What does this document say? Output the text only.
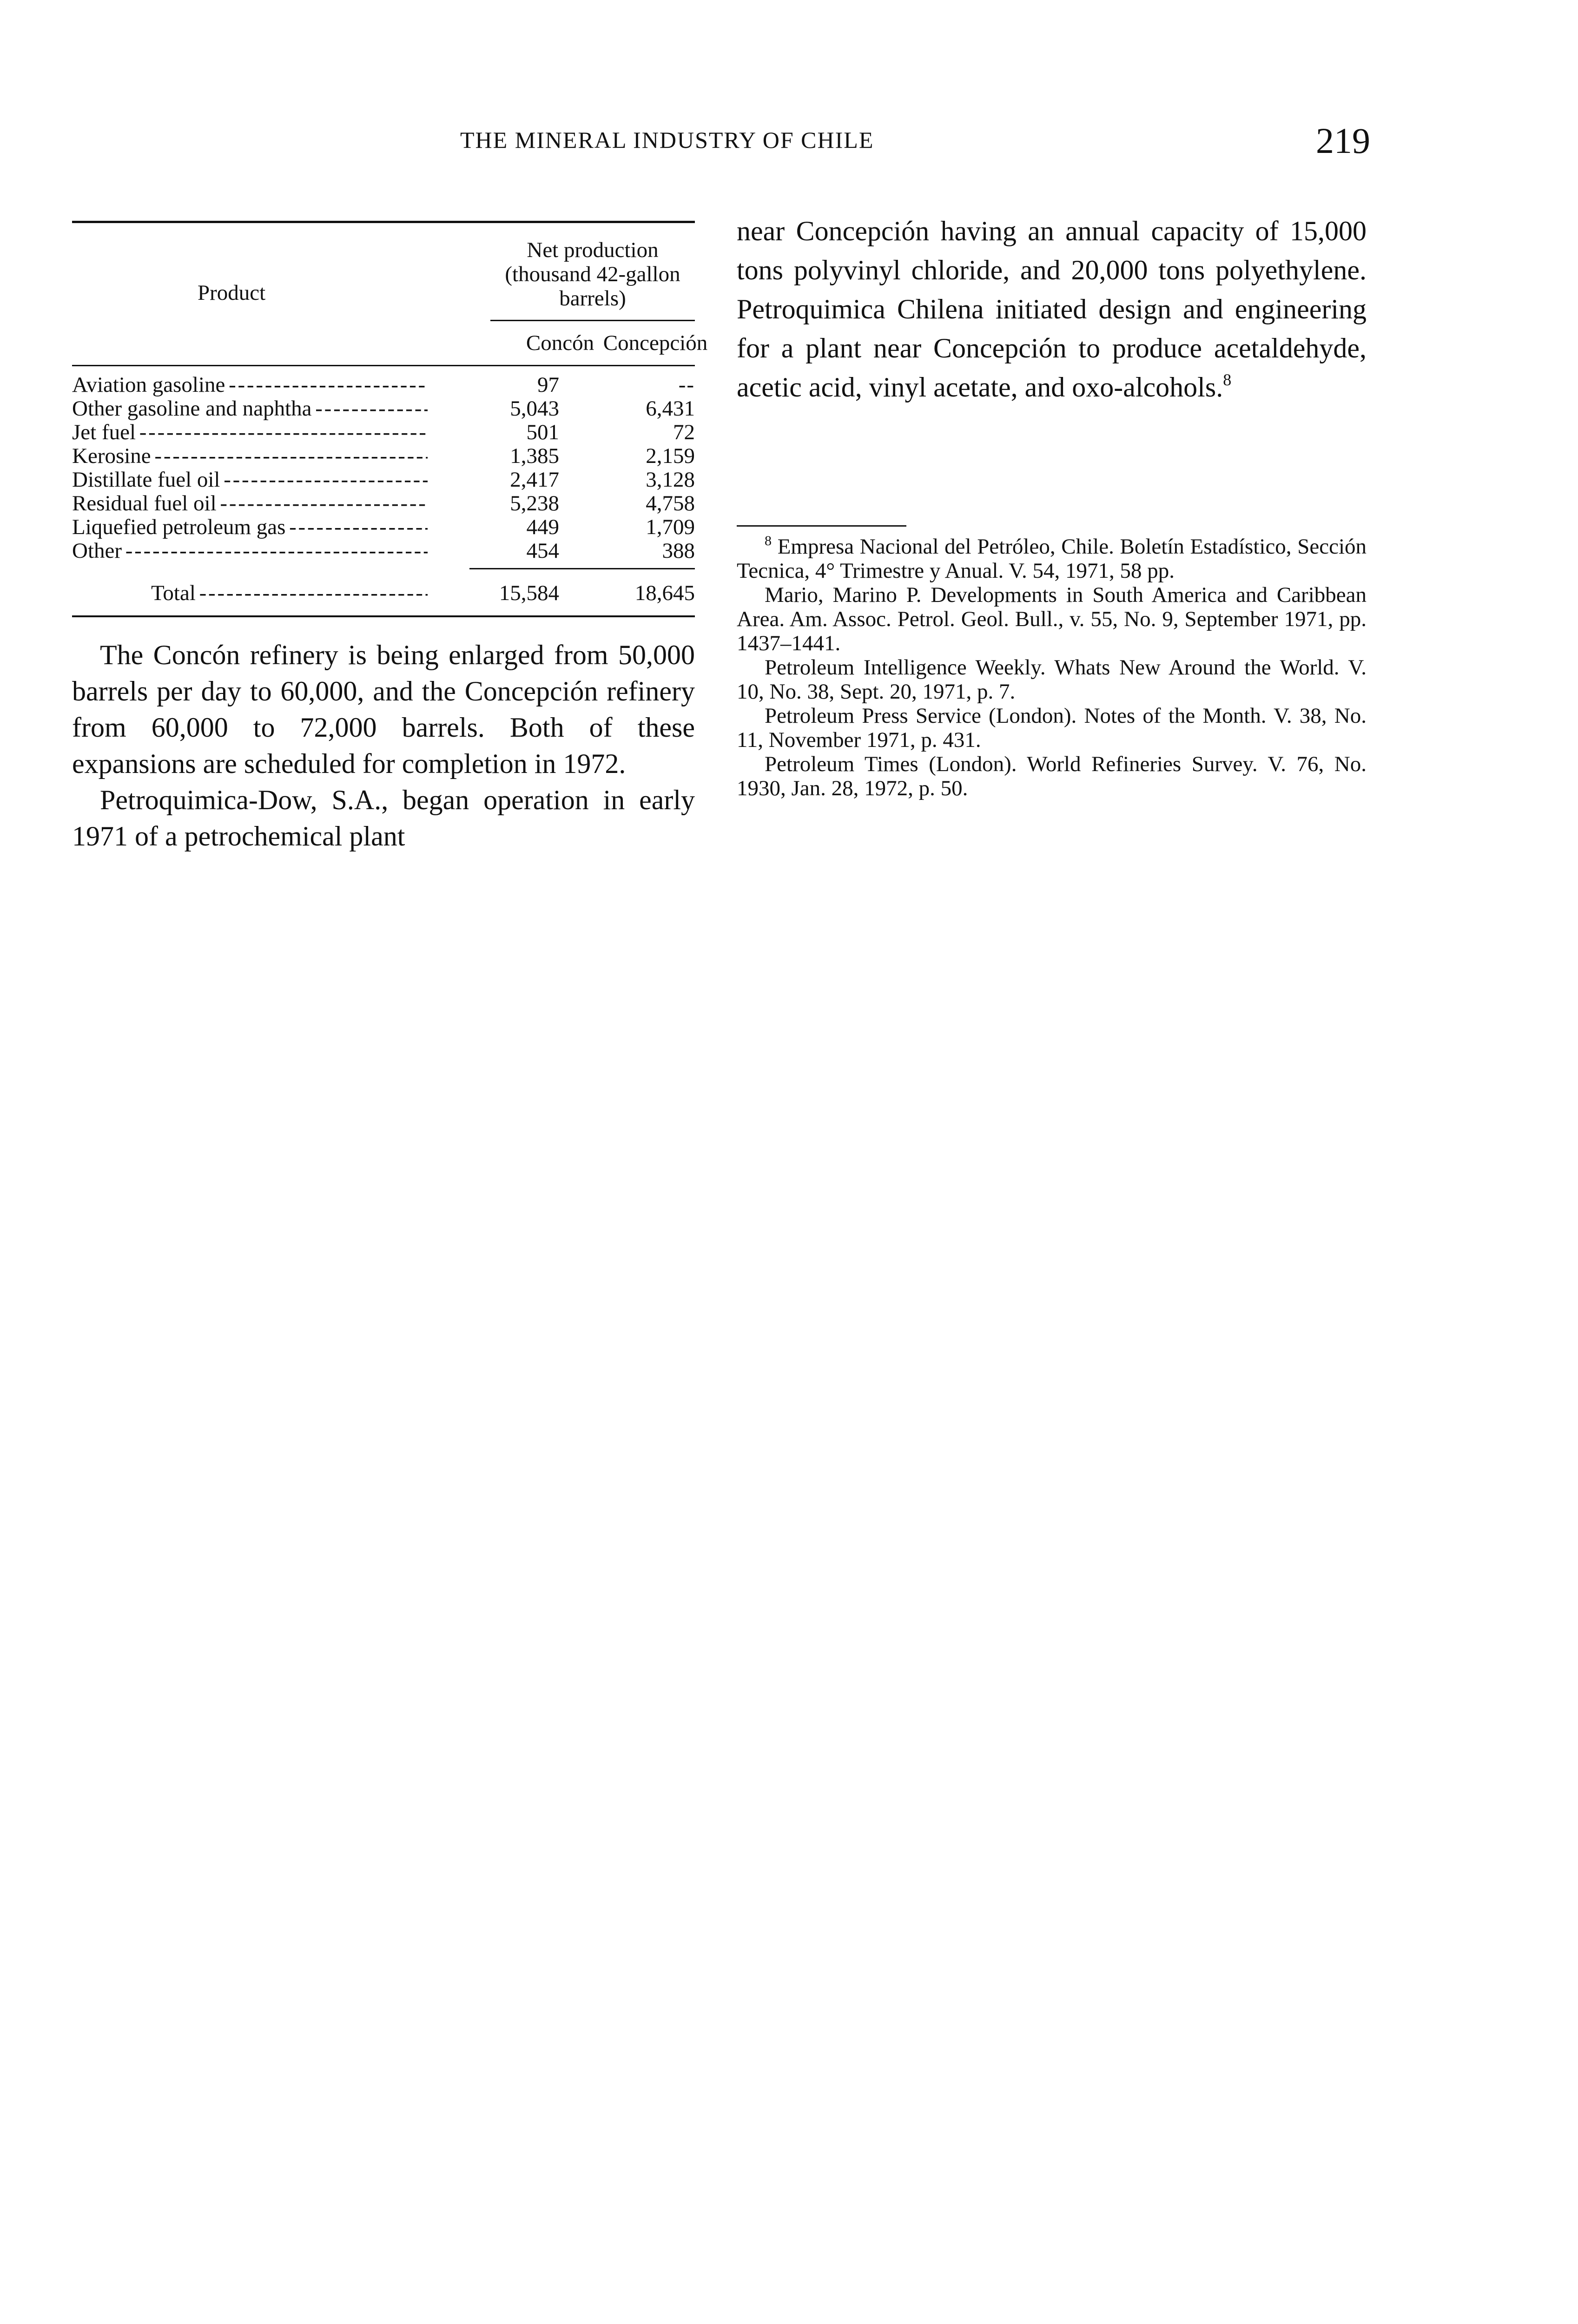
THE MINERAL INDUSTRY OF CHILE	219
Product
Net production
(thousand 42-gallon
barrels)
Concón Concepción
Aviation gasoline - - -	97	--
Other gasoline and naphtha - - -	5,043	6,431
Jet fuel - - -	501	72
Kerosine - - -	1,385	2,159
Distillate fuel oil - - -	2,417	3,128
Residual fuel oil - - -	5,238	4,758
Liquefied petroleum gas - - -	449	1,709
Other - - -	454	388
Total - - -	15,584	18,645

The Concón refinery is being enlarged from 50,000 barrels per day to 60,000, and the Concepción refinery from 60,000 to 72,000 barrels. Both of these expansions are scheduled for completion in 1972.

Petroquimica-Dow, S.A., began operation in early 1971 of a petrochemical plant

near Concepción having an annual capacity of 15,000 tons polyvinyl chloride, and 20,000 tons polyethylene. Petroquimica Chilena initiated design and engineering for a plant near Concepción to produce acetaldehyde, acetic acid, vinyl acetate, and oxo-alcohols.$^8$

$^8$ Empresa Nacional del Petróleo, Chile. Boletín Estadístico, Sección Tecnica, 4° Trimestre y Anual. V. 54, 1971, 58 pp.

Mario, Marino P. Developments in South America and Caribbean Area. Am. Assoc. Petrol. Geol. Bull., v. 55, No. 9, September 1971, pp. 1437–1441.

Petroleum Intelligence Weekly. Whats New Around the World. V. 10, No. 38, Sept. 20, 1971, p. 7.

Petroleum Press Service (London). Notes of the Month. V. 38, No. 11, November 1971, p. 431.

Petroleum Times (London). World Refineries Survey. V. 76, No. 1930, Jan. 28, 1972, p. 50.
